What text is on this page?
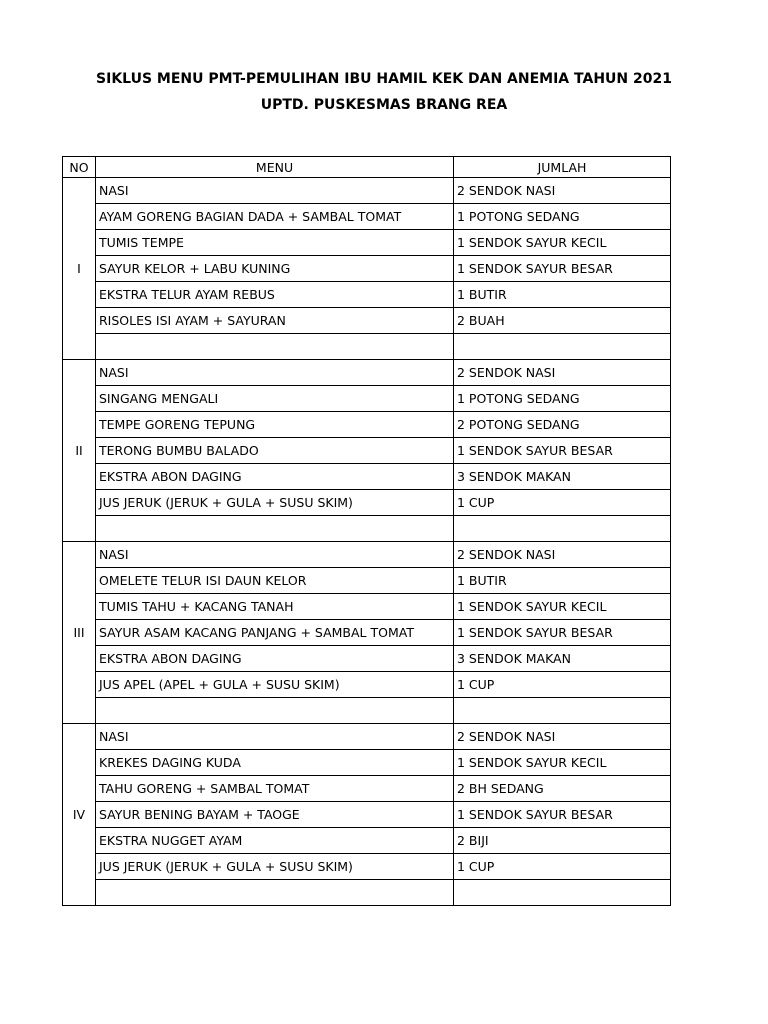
SIKLUS MENU PMT-PEMULIHAN IBU HAMIL KEK DAN ANEMIA TAHUN 2021
UPTD. PUSKESMAS BRANG REA
NO	MENU	JUMLAH
I	NASI	2 SENDOK NASI
	AYAM GORENG BAGIAN DADA + SAMBAL TOMAT	1 POTONG SEDANG
	TUMIS TEMPE	1 SENDOK SAYUR KECIL
	SAYUR KELOR + LABU KUNING	1 SENDOK SAYUR BESAR
	EKSTRA TELUR AYAM REBUS	1 BUTIR
	RISOLES ISI AYAM + SAYURAN	2 BUAH

II	NASI	2 SENDOK NASI
	SINGANG MENGALI	1 POTONG SEDANG
	TEMPE GORENG TEPUNG	2 POTONG SEDANG
	TERONG BUMBU BALADO	1 SENDOK SAYUR BESAR
	EKSTRA ABON DAGING	3 SENDOK MAKAN
	JUS JERUK (JERUK + GULA + SUSU SKIM)	1 CUP

III	NASI	2 SENDOK NASI
	OMELETE TELUR ISI DAUN KELOR	1 BUTIR
	TUMIS TAHU + KACANG TANAH	1 SENDOK SAYUR KECIL
	SAYUR ASAM KACANG PANJANG + SAMBAL TOMAT	1 SENDOK SAYUR BESAR
	EKSTRA ABON DAGING	3 SENDOK MAKAN
	JUS APEL (APEL + GULA + SUSU SKIM)	1 CUP

IV	NASI	2 SENDOK NASI
	KREKES DAGING KUDA	1 SENDOK SAYUR KECIL
	TAHU GORENG + SAMBAL TOMAT	2 BH SEDANG
	SAYUR BENING BAYAM + TAOGE	1 SENDOK SAYUR BESAR
	EKSTRA NUGGET AYAM	2 BIJI
	JUS JERUK (JERUK + GULA + SUSU SKIM)	1 CUP
